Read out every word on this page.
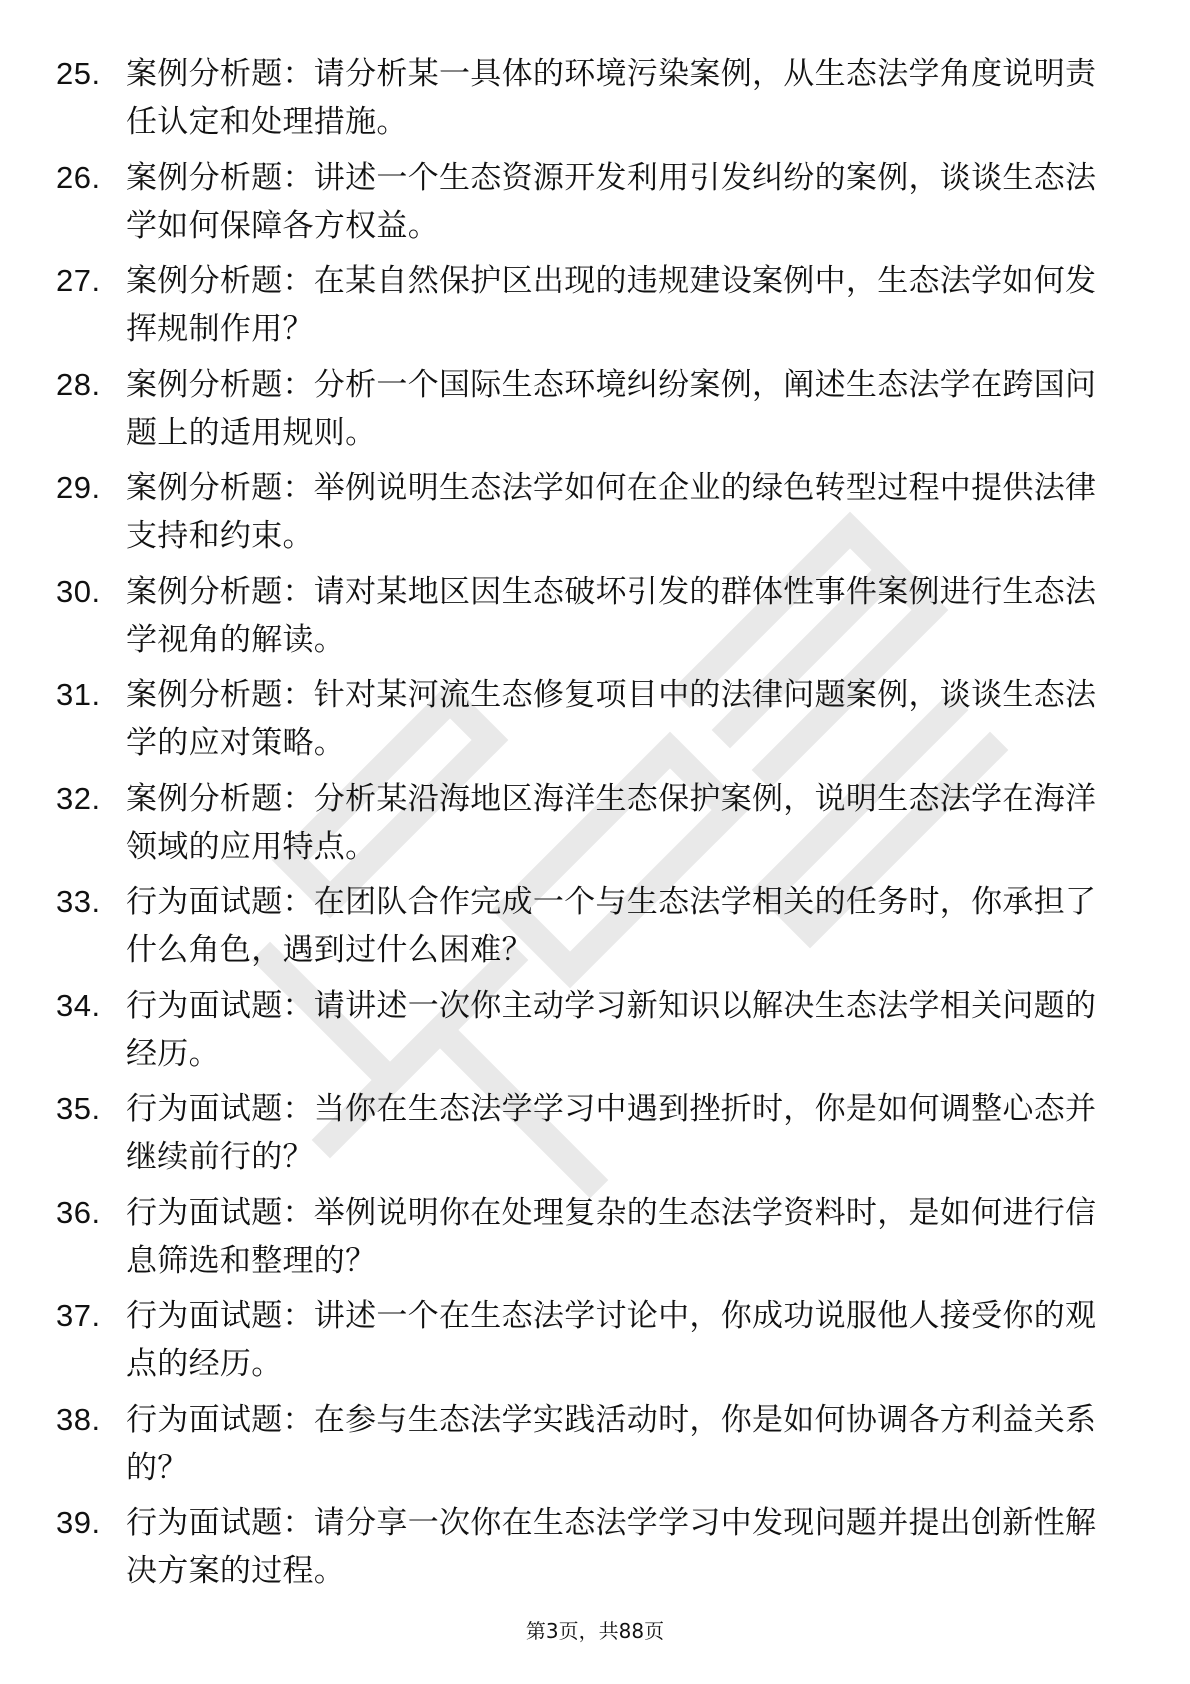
25. 案例分析题：请分析某一具体的环境污染案例，从生态法学角度说明责任认定和处理措施。
26. 案例分析题：讲述一个生态资源开发利用引发纠纷的案例，谈谈生态法学如何保障各方权益。
27. 案例分析题：在某自然保护区出现的违规建设案例中，生态法学如何发挥规制作用？
28. 案例分析题：分析一个国际生态环境纠纷案例，阐述生态法学在跨国问题上的适用规则。
29. 案例分析题：举例说明生态法学如何在企业的绿色转型过程中提供法律支持和约束。
30. 案例分析题：请对某地区因生态破坏引发的群体性事件案例进行生态法学视角的解读。
31. 案例分析题：针对某河流生态修复项目中的法律问题案例，谈谈生态法学的应对策略。
32. 案例分析题：分析某沿海地区海洋生态保护案例，说明生态法学在海洋领域的应用特点。
33. 行为面试题：在团队合作完成一个与生态法学相关的任务时，你承担了什么角色，遇到过什么困难？
34. 行为面试题：请讲述一次你主动学习新知识以解决生态法学相关问题的经历。
35. 行为面试题：当你在生态法学学习中遇到挫折时，你是如何调整心态并继续前行的？
36. 行为面试题：举例说明你在处理复杂的生态法学资料时，是如何进行信息筛选和整理的？
37. 行为面试题：讲述一个在生态法学讨论中，你成功说服他人接受你的观点的经历。
38. 行为面试题：在参与生态法学实践活动时，你是如何协调各方利益关系的？
39. 行为面试题：请分享一次你在生态法学学习中发现问题并提出创新性解决方案的过程。
第3页，共88页
